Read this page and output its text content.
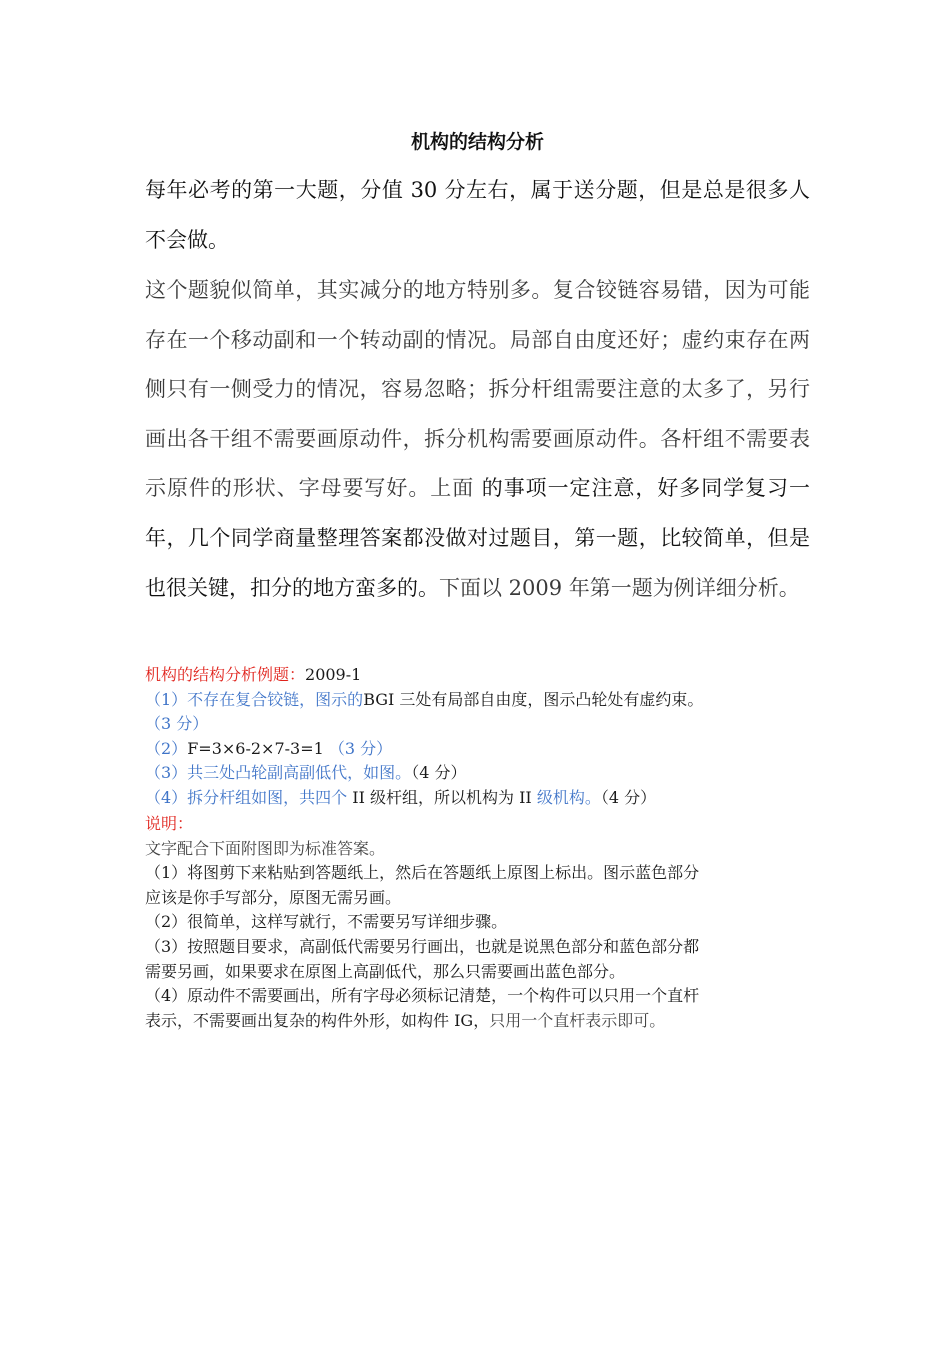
机构的结构分析

每年必考的第一大题，分值 30 分左右，属于送分题，但是总是很多人不会做。

这个题貌似简单，其实减分的地方特别多。复合铰链容易错，因为可能存在一个移动副和一个转动副的情况。局部自由度还好；虚约束存在两侧只有一侧受力的情况，容易忽略；拆分杆组需要注意的太多了，另行画出各干组不需要画原动件，拆分机构需要画原动件。各杆组不需要表示原件的形状、字母要写好。上面 的事项一定注意，好多同学复习一年，几个同学商量整理答案都没做对过题目，第一题，比较简单，但是也很关键，扣分的地方蛮多的。下面以 2009 年第一题为例详细分析。

机构的结构分析例题：2009-1
（1）不存在复合铰链，图示的BGI 三处有局部自由度，图示凸轮处有虚约束。
（3 分）
（2）F=3×6-2×7-3=1 （3 分）
（3）共三处凸轮副高副低代，如图。（4 分）
（4）拆分杆组如图，共四个 II 级杆组，所以机构为 II 级机构。（4 分）
说明：
文字配合下面附图即为标准答案。
（1）将图剪下来粘贴到答题纸上，然后在答题纸上原图上标出。图示蓝色部分
应该是你手写部分，原图无需另画。
（2）很简单，这样写就行，不需要另写详细步骤。
（3）按照题目要求，高副低代需要另行画出，也就是说黑色部分和蓝色部分都
需要另画，如果要求在原图上高副低代，那么只需要画出蓝色部分。
（4）原动件不需要画出，所有字母必须标记清楚，一个构件可以只用一个直杆
表示，不需要画出复杂的构件外形，如构件 IG，只用一个直杆表示即可。
